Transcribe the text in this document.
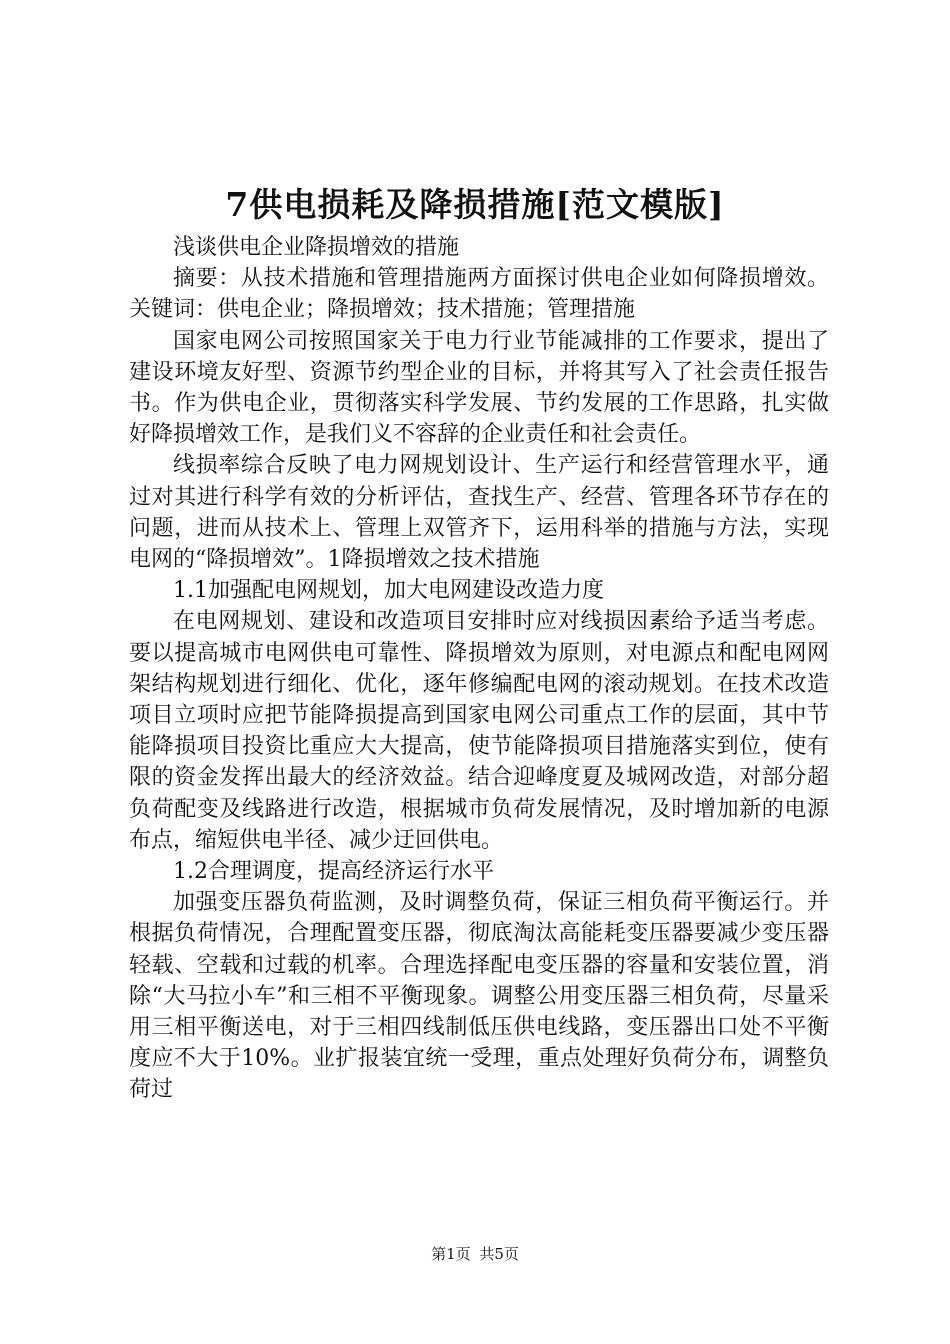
7供电损耗及降损措施[范文模版]

浅谈供电企业降损增效的措施

摘要：从技术措施和管理措施两方面探讨供电企业如何降损增效。关键词：供电企业；降损增效；技术措施；管理措施

国家电网公司按照国家关于电力行业节能减排的工作要求，提出了建设环境友好型、资源节约型企业的目标，并将其写入了社会责任报告书。作为供电企业，贯彻落实科学发展、节约发展的工作思路，扎实做好降损增效工作，是我们义不容辞的企业责任和社会责任。

线损率综合反映了电力网规划设计、生产运行和经营管理水平，通过对其进行科学有效的分析评估，查找生产、经营、管理各环节存在的问题，进而从技术上、管理上双管齐下，运用科举的措施与方法，实现电网的“降损增效”。1降损增效之技术措施

1.1加强配电网规划，加大电网建设改造力度

在电网规划、建设和改造项目安排时应对线损因素给予适当考虑。要以提高城市电网供电可靠性、降损增效为原则，对电源点和配电网网架结构规划进行细化、优化，逐年修编配电网的滚动规划。在技术改造项目立项时应把节能降损提高到国家电网公司重点工作的层面，其中节能降损项目投资比重应大大提高，使节能降损项目措施落实到位，使有限的资金发挥出最大的经济效益。结合迎峰度夏及城网改造，对部分超负荷配变及线路进行改造，根据城市负荷发展情况，及时增加新的电源布点，缩短供电半径、减少迂回供电。

1.2合理调度，提高经济运行水平

加强变压器负荷监测，及时调整负荷，保证三相负荷平衡运行。并根据负荷情况，合理配置变压器，彻底淘汰高能耗变压器要减少变压器轻载、空载和过载的机率。合理选择配电变压器的容量和安装位置，消除“大马拉小车”和三相不平衡现象。调整公用变压器三相负荷，尽量采用三相平衡送电，对于三相四线制低压供电线路，变压器出口处不平衡度应不大于10%。业扩报装宜统一受理，重点处理好负荷分布，调整负荷过

第1页 共5页
